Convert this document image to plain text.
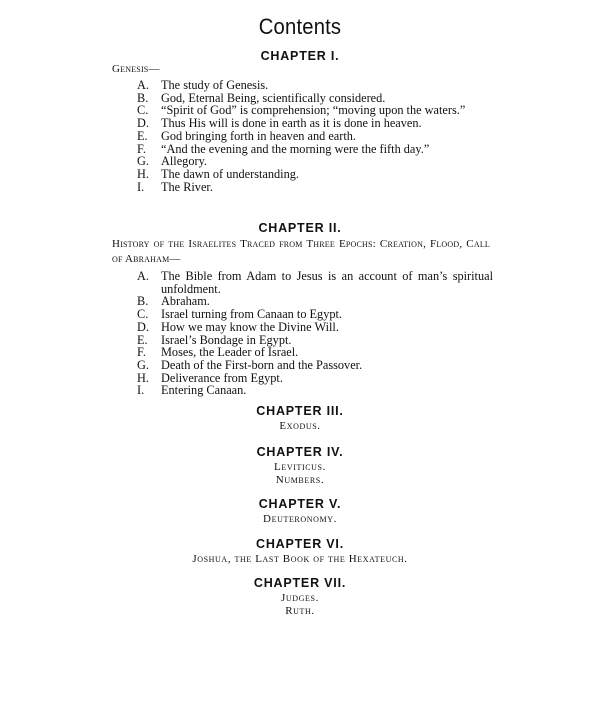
Contents
CHAPTER I.
Genesis—
A. The study of Genesis.
B.	God, Eternal Being, scientifically considered.
C.	“Spirit of God” is comprehension; “moving upon the waters.”
D. Thus His will is done in earth as it is done in heaven.
E.	God bringing forth in heaven and earth.
F.	“And the evening and the morning were the fifth day.”
G. Allegory.
H. The dawn of understanding.
I.	The River.
CHAPTER II.
History of the Israelites Traced from Three Epochs: Creation, Flood, Call of Abraham—
A. The Bible from Adam to Jesus is an account of man’s spiritual unfoldment.
B.	Abraham.
C.	Israel turning from Canaan to Egypt.
D. How we may know the Divine Will.
E.	Israel’s Bondage in Egypt.
F.	Moses, the Leader of Israel.
G. Death of the First-born and the Passover.
H. Deliverance from Egypt.
I.	Entering Canaan.
CHAPTER III.
Exodus.
CHAPTER IV.
Leviticus.
Numbers.
CHAPTER V.
Deuteronomy.
CHAPTER VI.
Joshua, the Last Book of the Hexateuch.
CHAPTER VII.
Judges.
Ruth.
